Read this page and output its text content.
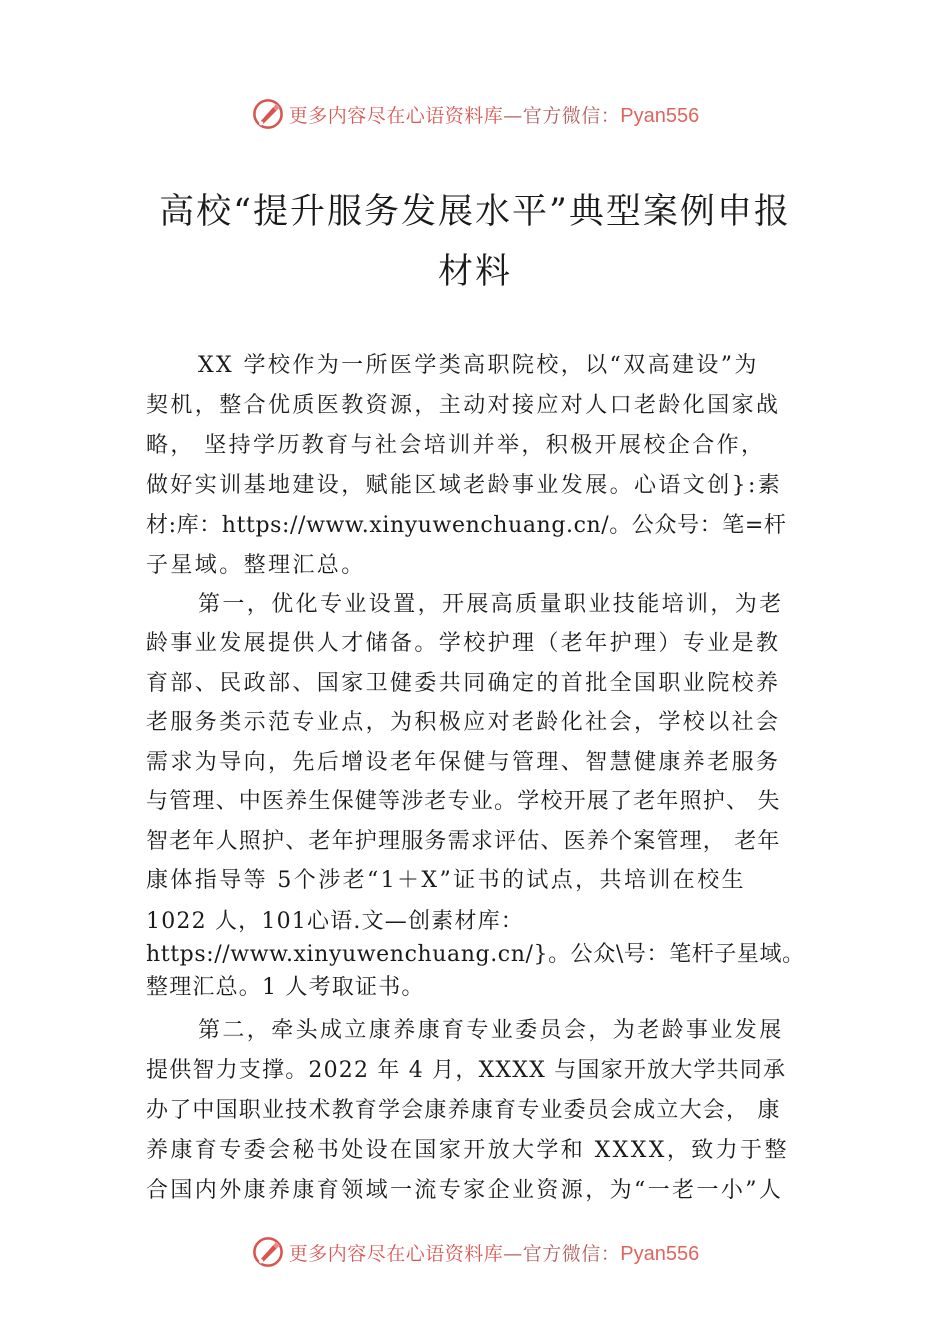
更多内容尽在心语资料库—官方微信：Pyan556
高校“提升服务发展水平”典型案例申报
材料
XX 学校作为一所医学类高职院校，以“双高建设”为
契机，整合优质医教资源，主动对接应对人口老龄化国家战
略， 坚持学历教育与社会培训并举，积极开展校企合作，
做好实训基地建设，赋能区域老龄事业发展。心语文创}:素
材:库：https://www.xinyuwenchuang.cn/。公众号：笔=杆
子星域。整理汇总。
第一，优化专业设置，开展高质量职业技能培训，为老
龄事业发展提供人才储备。学校护理（老年护理）专业是教
育部、民政部、国家卫健委共同确定的首批全国职业院校养
老服务类示范专业点，为积极应对老龄化社会，学校以社会
需求为导向，先后增设老年保健与管理、智慧健康养老服务
与管理、中医养生保健等涉老专业。学校开展了老年照护、 失
智老年人照护、老年护理服务需求评估、医养个案管理， 老年
康体指导等 5个涉老“1＋X”证书的试点，共培训在校生
1022 人，101心语.文—创素材库：
https://www.xinyuwenchuang.cn/}。公众\号：笔杆子星域。
整理汇总。1 人考取证书。
第二，牵头成立康养康育专业委员会，为老龄事业发展
提供智力支撑。2022 年 4 月，XXXX 与国家开放大学共同承
办了中国职业技术教育学会康养康育专业委员会成立大会， 康
养康育专委会秘书处设在国家开放大学和 XXXX，致力于整
合国内外康养康育领域一流专家企业资源，为“一老一小”人
更多内容尽在心语资料库—官方微信：Pyan556
